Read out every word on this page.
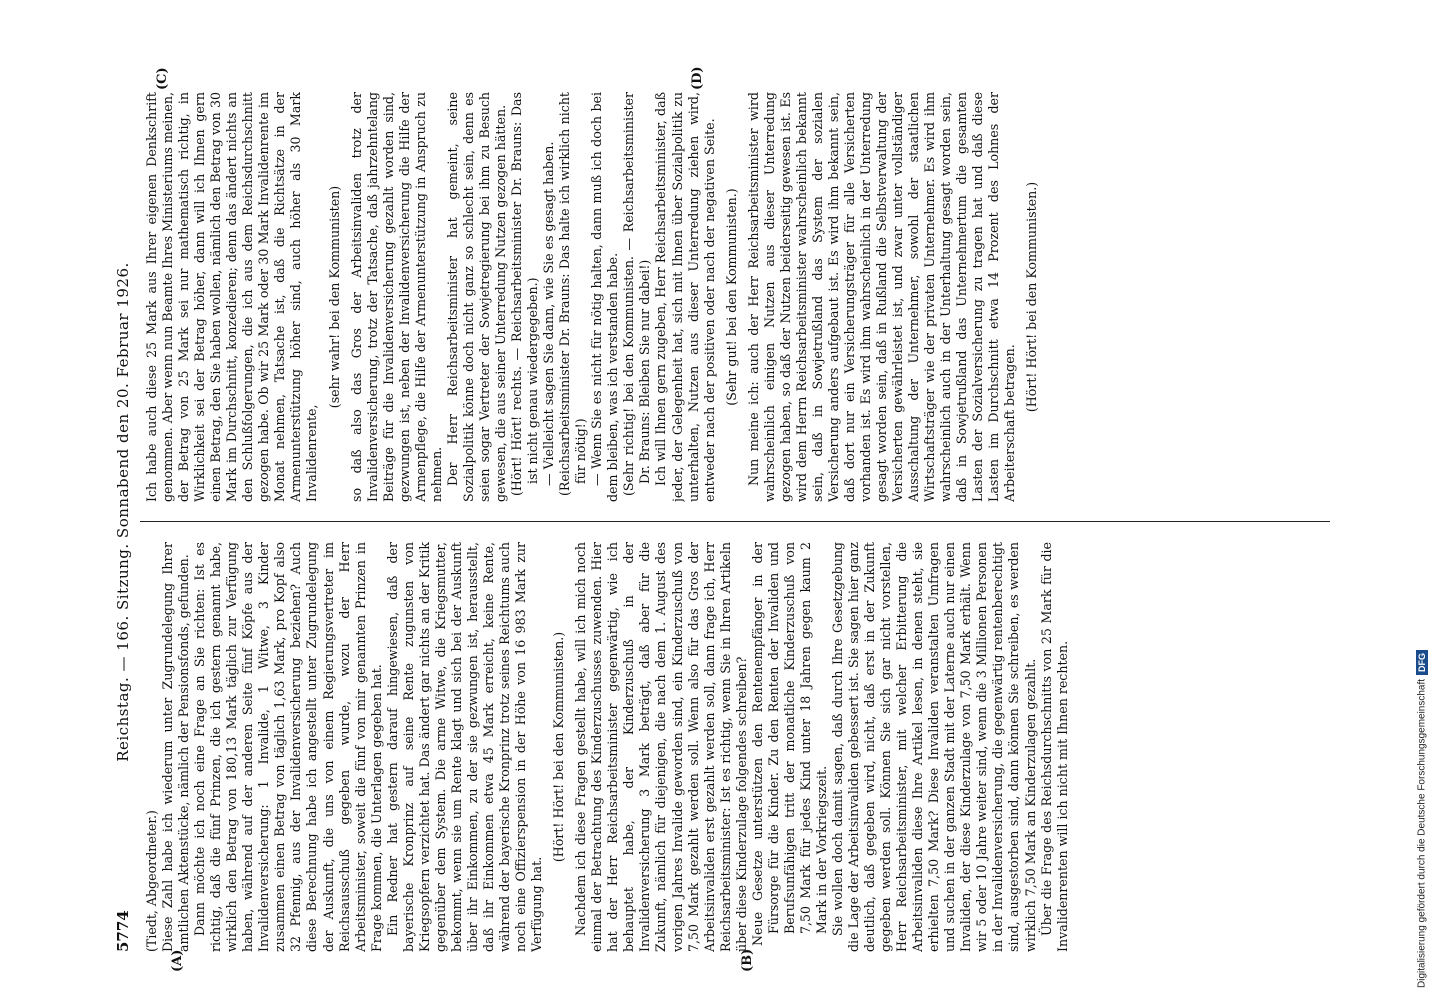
5774
Reichstag. — 166. Sitzung. Sonnabend den 20. Februar 1926.
(A)	(B)
(C)	(D)

(Tiedt, Abgeordneter.) Diese Zahl habe ich wiederum unter Zugrundelegung Ihrer amtlichen Aktenstücke, nämlich der Pensionsfonds, gefunden. Dann möchte ich noch eine Frage an Sie richten: Ist es richtig, daß die fünf Prinzen, die ich gestern genannt habe, wirklich den Betrag von 180,13 Mark täglich zur Verfügung haben, während auf der anderen Seite fünf Köpfe aus der Invalidenversicherung: 1 Invalide, 1 Witwe, 3 Kinder zusammen einen Betrag von täglich 1,63 Mark, pro Kopf also 32 Pfennig, aus der Invalidenversicherung beziehen? Auch diese Berechnung habe ich angestellt unter Zugrundelegung der Auskunft, die uns von einem Regierungsvertreter im Reichsausschuß gegeben wurde, wozu der Herr Arbeitsminister, soweit die fünf von mir genannten Prinzen in Frage kommen, die Unterlagen gegeben hat. Ein Redner hat gestern darauf hingewiesen, daß der bayerische Kronprinz auf seine Rente zugunsten von Kriegsopfern verzichtet hat. Das ändert gar nichts an der Kritik gegenüber dem System. Die arme Witwe, die Kriegsmutter, bekommt, wenn sie um Rente klagt und sich bei der Auskunft über ihr Einkommen, zu der sie gezwungen ist, herausstellt, daß ihr Einkommen etwa 45 Mark erreicht, keine Rente, während der bayerische Kronprinz trotz seines Reichtums auch noch eine Offizierspension in der Höhe von 16 983 Mark zur Verfügung hat.

(Hört! Hört! bei den Kommunisten.) Nachdem ich diese Fragen gestellt habe, will ich mich noch einmal der Betrachtung des Kinderzuschusses zuwenden. Hier hat der Herr Reichsarbeitsminister gegenwärtig, wie ich behauptet habe, der Kinderzuschuß in der Invalidenversicherung 3 Mark beträgt, daß aber für die Zukunft, nämlich für diejenigen, die nach dem 1. August des vorigen Jahres Invalide geworden sind, ein Kinderzuschuß von 7,50 Mark gezahlt werden soll. Wenn also für das Gros der Arbeitsinvaliden erst gezahlt werden soll, dann frage ich, Herr Reichsarbeitsminister: Ist es richtig, wenn Sie in Ihren Artikeln über diese Kinderzulage folgendes schreiben? Neue Gesetze unterstützen den Rentenempfänger in der Fürsorge für die Kinder. Zu den Renten der Invaliden und Berufsunfähigen tritt der monatliche Kinderzuschuß von 7,50 Mark für jedes Kind unter 18 Jahren gegen kaum 2 Mark in der Vorkriegszeit. Sie wollen doch damit sagen, daß durch Ihre Gesetzgebung die Lage der Arbeitsinvaliden gebessert ist. Sie sagen hier ganz deutlich, daß gegeben wird, nicht, daß erst in der Zukunft gegeben werden soll. Können Sie sich gar nicht vorstellen, Herr Reichsarbeitsminister, mit welcher Erbitterung die Arbeitsinvaliden diese Ihre Artikel lesen, in denen steht, sie erhielten 7,50 Mark? Diese Invaliden veranstalten Umfragen und suchen in der ganzen Stadt mit der Laterne auch nur einen Invaliden, der diese Kinderzulage von 7,50 Mark erhält. Wenn wir 5 oder 10 Jahre weiter sind, wenn die 3 Millionen Personen in der Invalidenversicherung, die gegenwärtig rentenberechtigt sind, ausgestorben sind, dann können Sie schreiben, es werden wirklich 7,50 Mark an Kinderzulagen gezahlt. Über die Frage des Reichsdurchschnitts von 25 Mark für die Invalidenrenten will ich nicht mit Ihnen rechten.

Ich habe auch diese 25 Mark aus Ihrer eigenen Denkschrift genommen. Aber wenn nun Beamte Ihres Ministeriums meinen, der Betrag von 25 Mark sei nur mathematisch richtig, in Wirklichkeit sei der Betrag höher, dann will ich Ihnen gern einen Betrag, den Sie haben wollen, nämlich den Betrag von 30 Mark im Durchschnitt, konzedieren; denn das ändert nichts an den Schlußfolgerungen, die ich aus dem Reichsdurchschnitt gezogen habe. Ob wir 25 Mark oder 30 Mark Invalidenrente im Monat nehmen, Tatsache ist, daß die Richtsätze in der Armenunterstützung höher sind, auch höher als 30 Mark Invalidenrente,

(sehr wahr! bei den Kommunisten) so daß also das Gros der Arbeitsinvaliden trotz der Invalidenversicherung, trotz der Tatsache, daß jahrzehntelang Beiträge für die Invalidenversicherung gezahlt worden sind, gezwungen ist, neben der Invalidenversicherung die Hilfe der Armenpflege, die Hilfe der Armenunterstützung in Anspruch zu nehmen. Der Herr Reichsarbeitsminister hat gemeint, seine Sozialpolitik könne doch nicht ganz so schlecht sein, denn es seien sogar Vertreter der Sowjetregierung bei ihm zu Besuch gewesen, die aus seiner Unterredung Nutzen gezogen hätten. (Hört! Hört! rechts. — Reichsarbeitsminister Dr. Brauns: Das ist nicht genau wiedergegeben.) — Vielleicht sagen Sie dann, wie Sie es gesagt haben. (Reichsarbeitsminister Dr. Brauns: Das halte ich wirklich nicht für nötig!) — Wenn Sie es nicht für nötig halten, dann muß ich doch bei dem bleiben, was ich verstanden habe. (Sehr richtig! bei den Kommunisten. — Reichsarbeitsminister Dr. Brauns: Bleiben Sie nur dabei!) Ich will Ihnen gern zugeben, Herr Reichsarbeitsminister, daß jeder, der Gelegenheit hat, sich mit Ihnen über Sozialpolitik zu unterhalten, Nutzen aus dieser Unterredung ziehen wird, entweder nach der positiven oder nach der negativen Seite. (Sehr gut! bei den Kommunisten.) Nun meine ich: auch der Herr Reichsarbeitsminister wird wahrscheinlich einigen Nutzen aus dieser Unterredung gezogen haben, so daß der Nutzen beiderseitig gewesen ist. Es wird dem Herrn Reichsarbeitsminister wahrscheinlich bekannt sein, daß in Sowjetrußland das System der sozialen Versicherung anders aufgebaut ist. Es wird ihm bekannt sein, daß dort nur ein Versicherungsträger für alle Versicherten vorhanden ist. Es wird ihm wahrscheinlich in der Unterredung gesagt worden sein, daß in Rußland die Selbstverwaltung der Versicherten gewährleistet ist, und zwar unter vollständiger Ausschaltung der Unternehmer, sowohl der staatlichen Wirtschaftsträger wie der privaten Unternehmer. Es wird ihm wahrscheinlich auch in der Unterhaltung gesagt worden sein, daß in Sowjetrußland das Unternehmertum die gesamten Lasten der Sozialversicherung zu tragen hat und daß diese Lasten im Durchschnitt etwa 14 Prozent des Lohnes der Arbeiterschaft betragen.

(Hört! Hört! bei den Kommunisten.)

Digitalisierung gefördert durch die Deutsche Forschungsgemeinschaft
DFG
